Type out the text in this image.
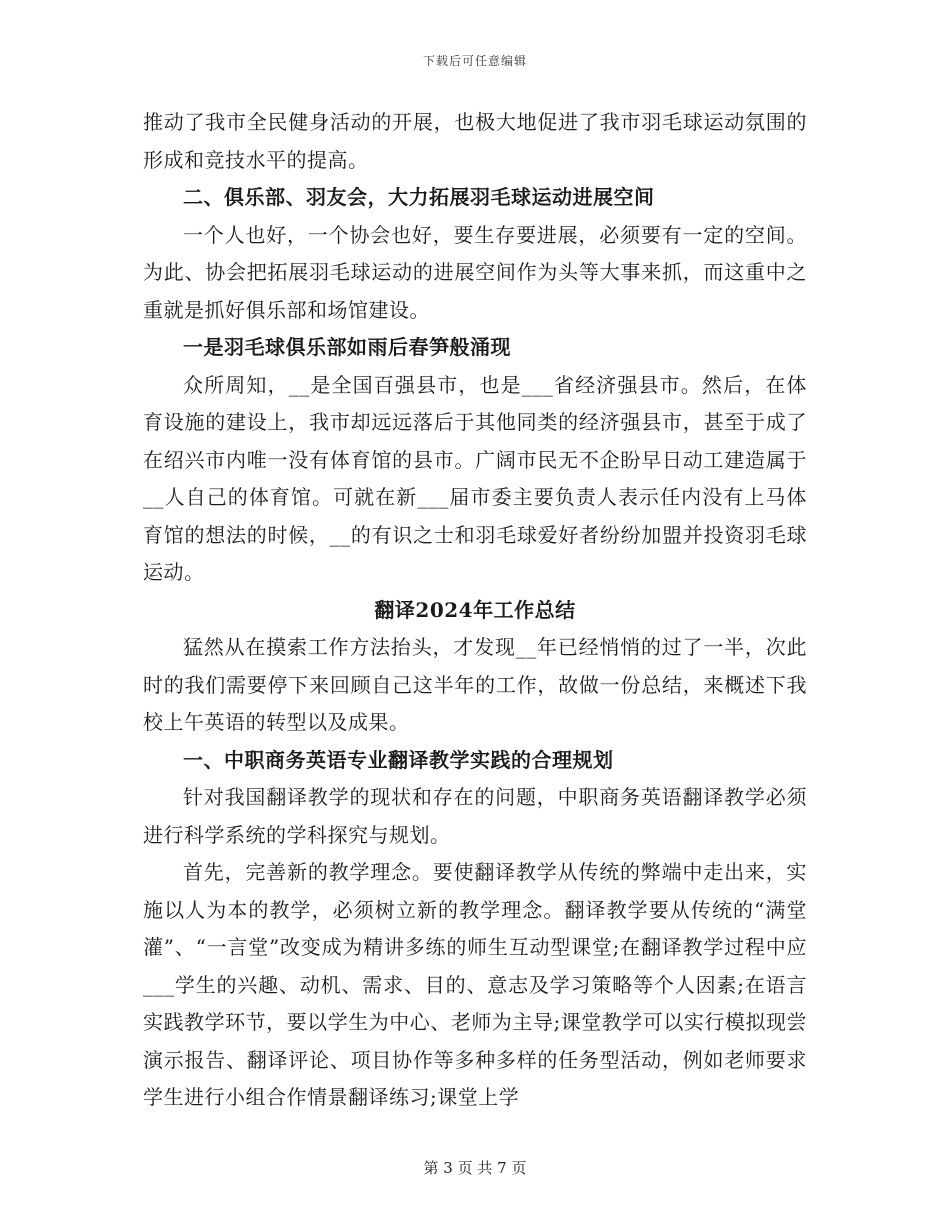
下载后可任意编辑

推动了我市全民健身活动的开展，也极大地促进了我市羽毛球运动氛围的形成和竞技水平的提高。

二、俱乐部、羽友会，大力拓展羽毛球运动进展空间

一个人也好，一个协会也好，要生存要进展，必须要有一定的空间。为此、协会把拓展羽毛球运动的进展空间作为头等大事来抓，而这重中之重就是抓好俱乐部和场馆建设。

一是羽毛球俱乐部如雨后春笋般涌现

众所周知，__是全国百强县市，也是___省经济强县市。然后，在体育设施的建设上，我市却远远落后于其他同类的经济强县市，甚至于成了在绍兴市内唯一没有体育馆的县市。广阔市民无不企盼早日动工建造属于__人自己的体育馆。可就在新___届市委主要负责人表示任内没有上马体育馆的想法的时候，__的有识之士和羽毛球爱好者纷纷加盟并投资羽毛球运动。

翻译2024年工作总结

猛然从在摸索工作方法抬头，才发现__年已经悄悄的过了一半，次此时的我们需要停下来回顾自己这半年的工作，故做一份总结，来概述下我校上午英语的转型以及成果。

一、中职商务英语专业翻译教学实践的合理规划

针对我国翻译教学的现状和存在的问题，中职商务英语翻译教学必须进行科学系统的学科探究与规划。

首先，完善新的教学理念。要使翻译教学从传统的弊端中走出来，实施以人为本的教学，必须树立新的教学理念。翻译教学要从传统的“满堂灌”、“一言堂”改变成为精讲多练的师生互动型课堂;在翻译教学过程中应___学生的兴趣、动机、需求、目的、意志及学习策略等个人因素;在语言实践教学环节，要以学生为中心、老师为主导;课堂教学可以实行模拟现尝演示报告、翻译评论、项目协作等多种多样的任务型活动，例如老师要求学生进行小组合作情景翻译练习;课堂上学

第 3 页 共 7 页
